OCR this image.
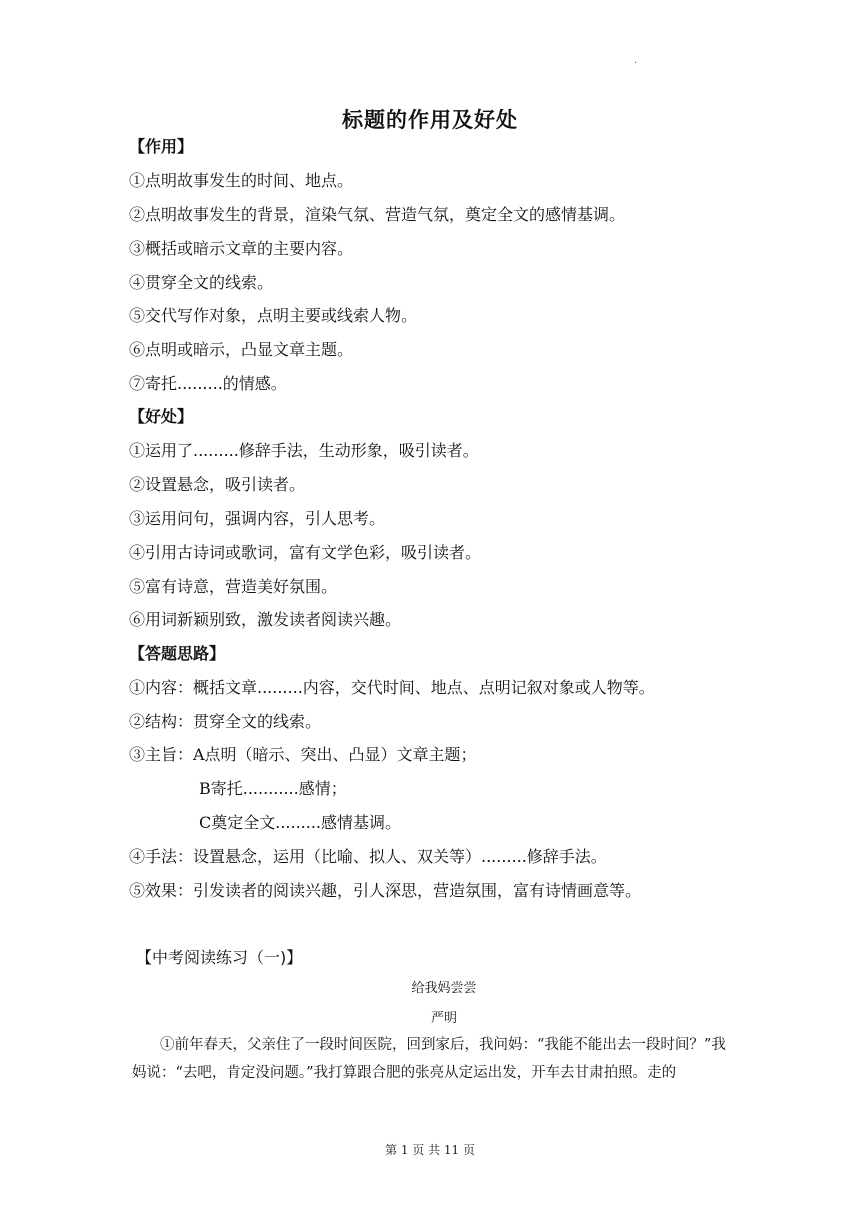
·
标题的作用及好处
【作用】
①点明故事发生的时间、地点。
②点明故事发生的背景，渲染气氛、营造气氛，奠定全文的感情基调。
③概括或暗示文章的主要内容。
④贯穿全文的线索。
⑤交代写作对象，点明主要或线索人物。
⑥点明或暗示，凸显文章主题。
⑦寄托.........的情感。
【好处】
①运用了.........修辞手法，生动形象，吸引读者。
②设置悬念，吸引读者。
③运用问句，强调内容，引人思考。
④引用古诗词或歌词，富有文学色彩，吸引读者。
⑤富有诗意，营造美好氛围。
⑥用词新颖别致，激发读者阅读兴趣。
【答题思路】
①内容：概括文章.........内容，交代时间、地点、点明记叙对象或人物等。
②结构：贯穿全文的线索。
③主旨：A点明（暗示、突出、凸显）文章主题；
B寄托...........感情；
C奠定全文.........感情基调。
④手法：设置悬念，运用（比喻、拟人、双关等）.........修辞手法。
⑤效果：引发读者的阅读兴趣，引人深思，营造氛围，富有诗情画意等。
【中考阅读练习（一)】
给我妈尝尝
严明
①前年春天，父亲住了一段时间医院，回到家后，我问妈：“我能不能出去一段时间？”我妈说：“去吧，肯定没问题。”我打算跟合肥的张亮从定运出发，开车去甘肃拍照。走的
第 1 页 共 11 页
